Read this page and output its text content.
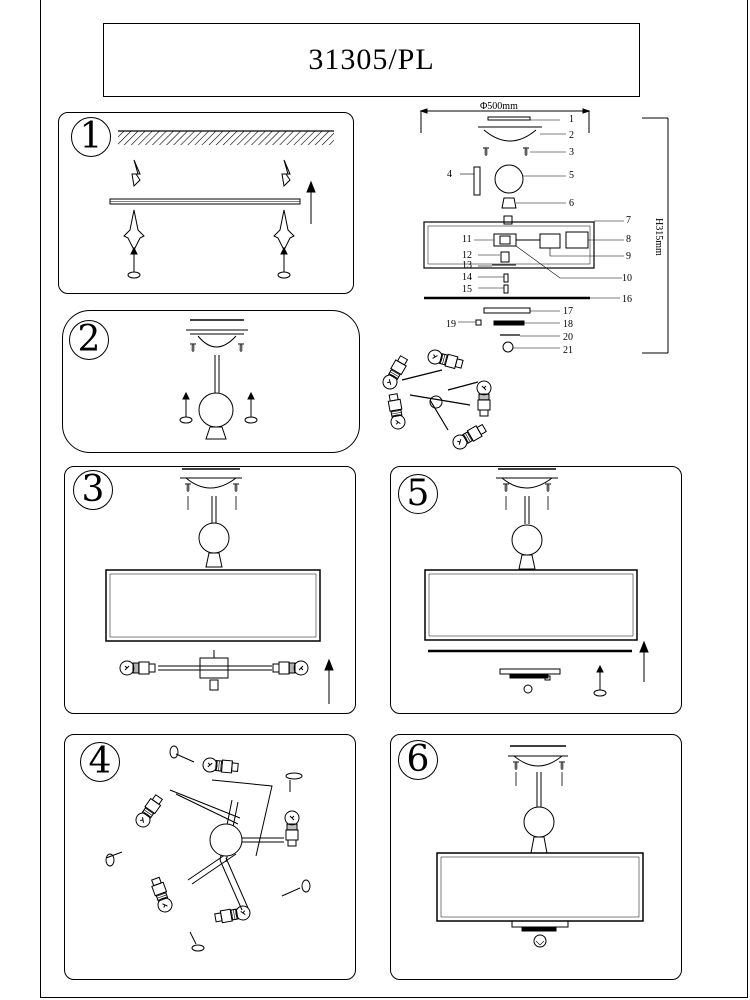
31305/PL
1
2
3	5
4	6
Φ500mm
H315mm
1
2
3
4	5
6
7
8
9
10
11
12
13
14
15
16
17
18
19
20
21
